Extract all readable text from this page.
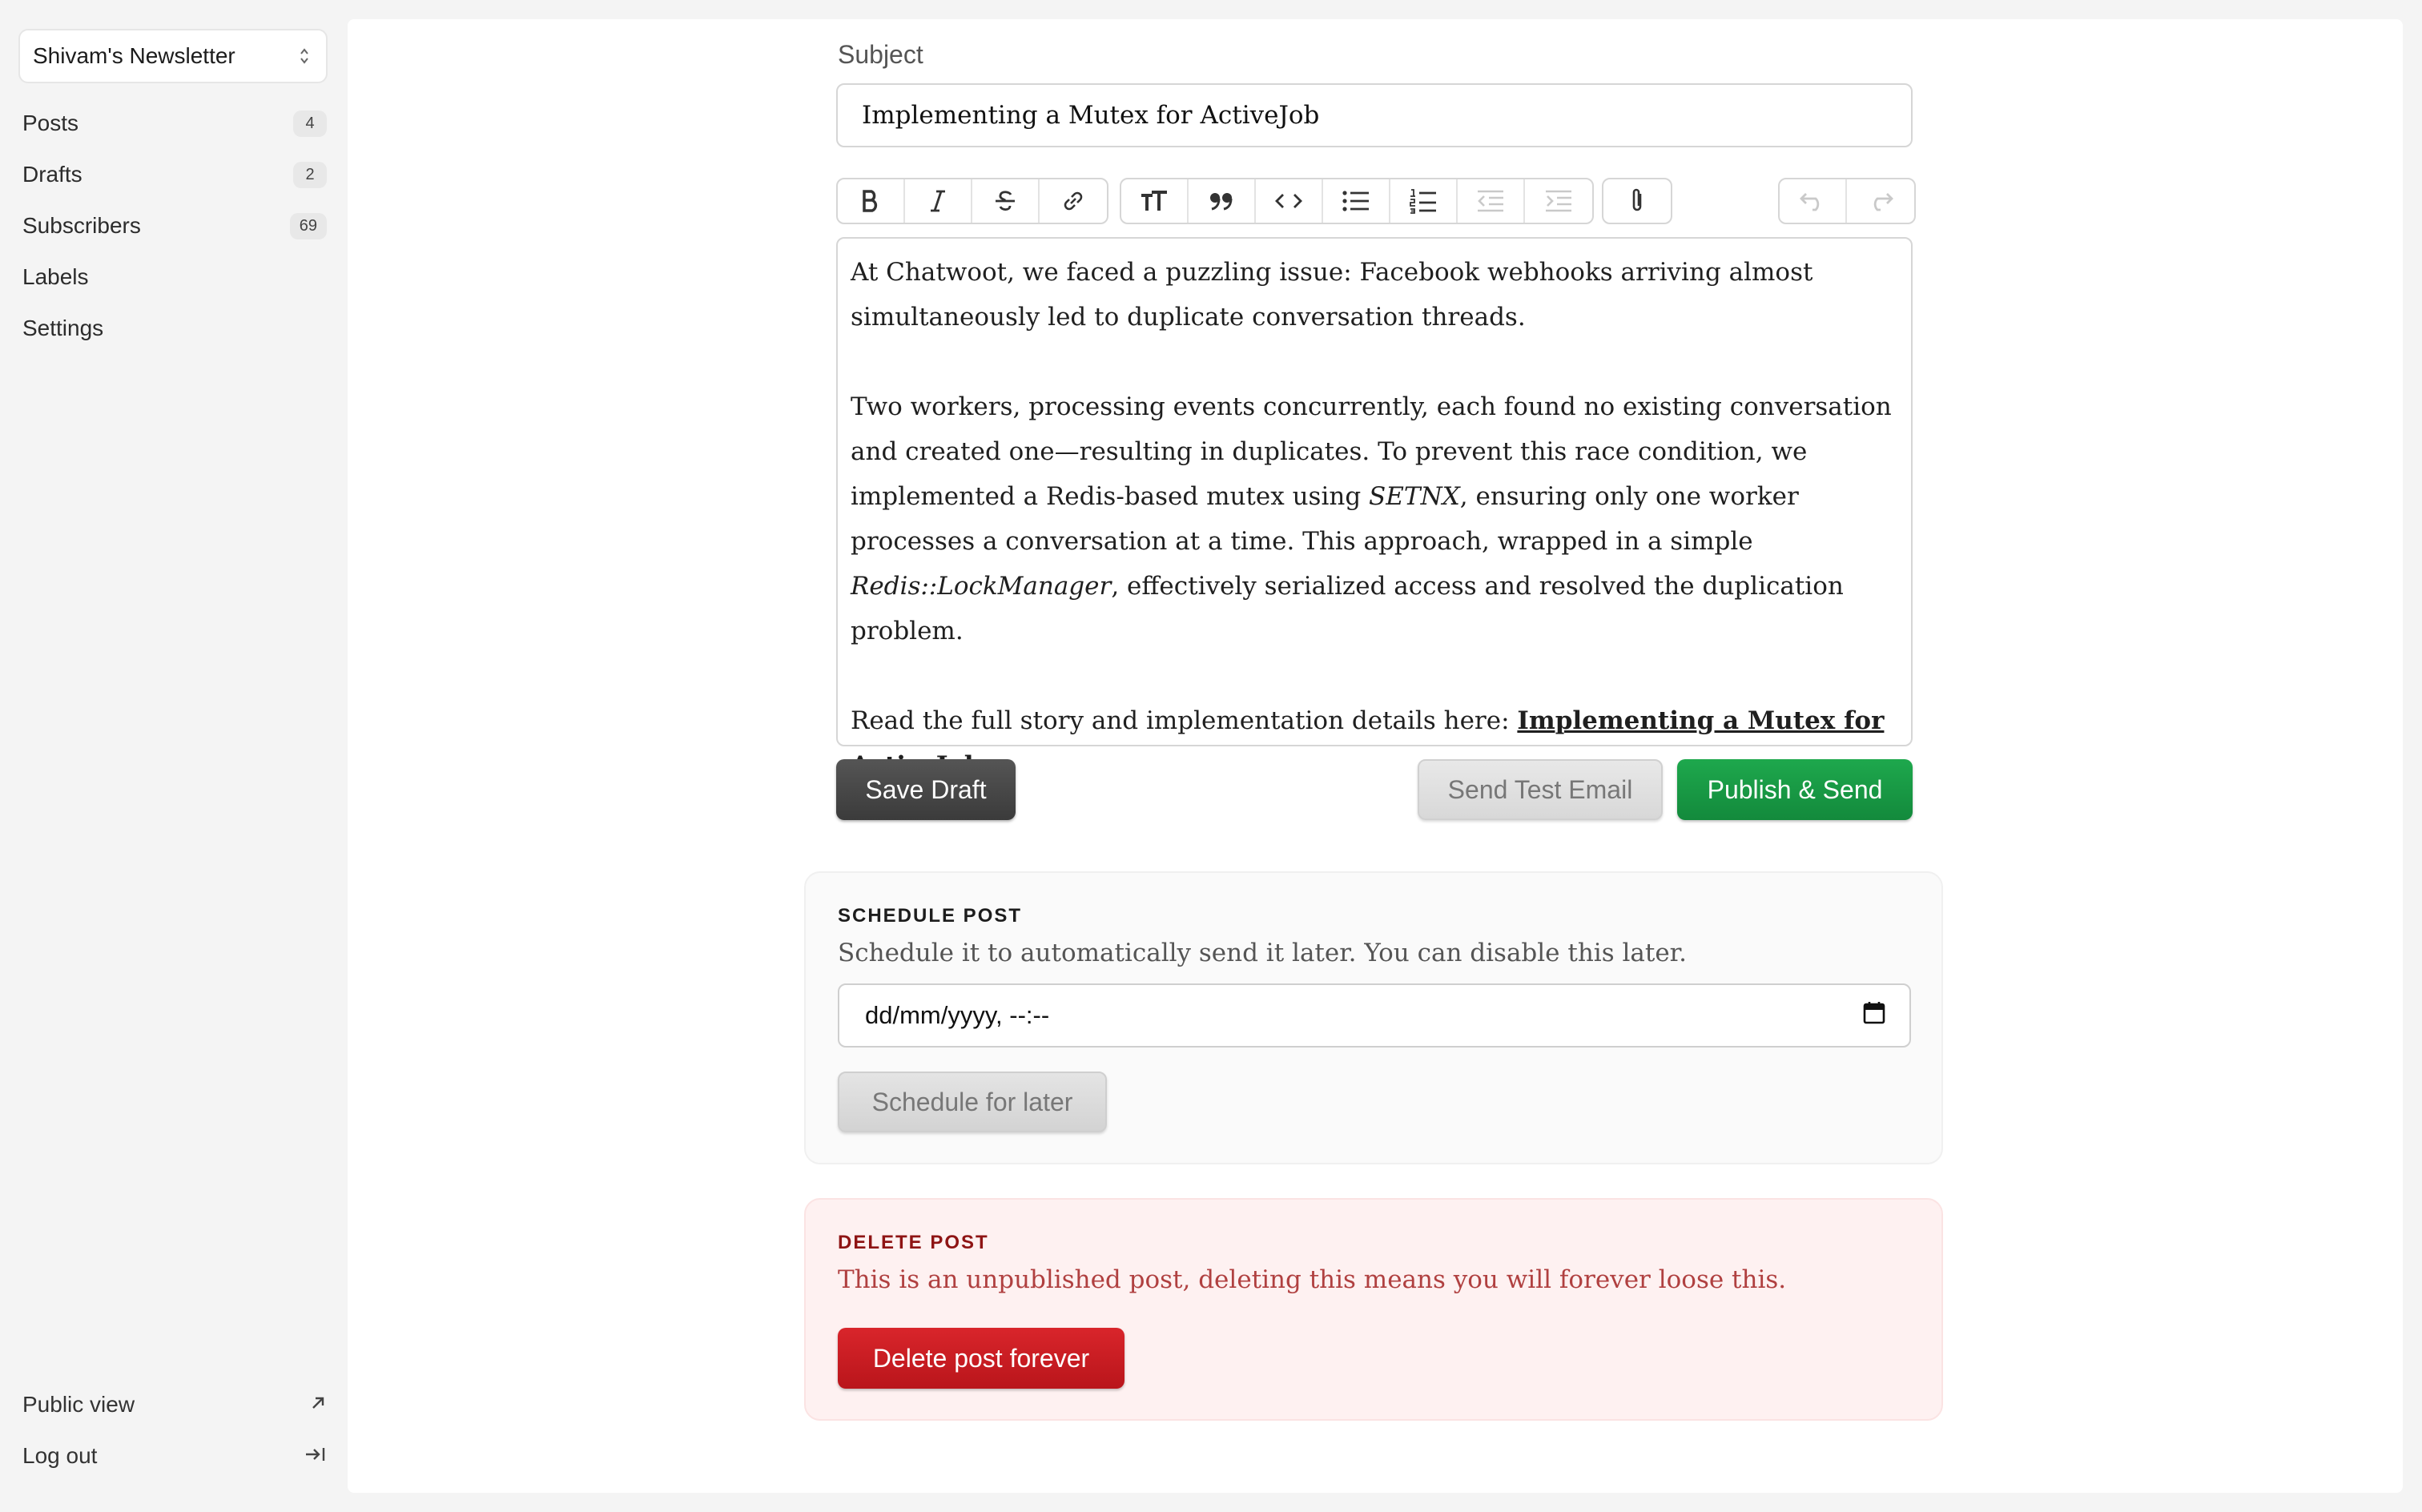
Shivam's Newsletter
Posts	4
Drafts	2
Subscribers	69
Labels
Settings
Public view
Log out
Subject
Implementing a Mutex for ActiveJob

At Chatwoot, we faced a puzzling issue: Facebook webhooks arriving almost simultaneously led to duplicate conversation threads.

Two workers, processing events concurrently, each found no existing conversation and created one—resulting in duplicates. To prevent this race condition, we implemented a Redis-based mutex using SETNX, ensuring only one worker processes a conversation at a time. This approach, wrapped in a simple Redis::LockManager, effectively serialized access and resolved the duplication problem.

Read the full story and implementation details here: Implementing a Mutex for

Save Draft	Send Test Email	Publish & Send
SCHEDULE POST
Schedule it to automatically send it later. You can disable this later.
dd/mm/yyyy, --:--
Schedule for later
DELETE POST
This is an unpublished post, deleting this means you will forever loose this.
Delete post forever
